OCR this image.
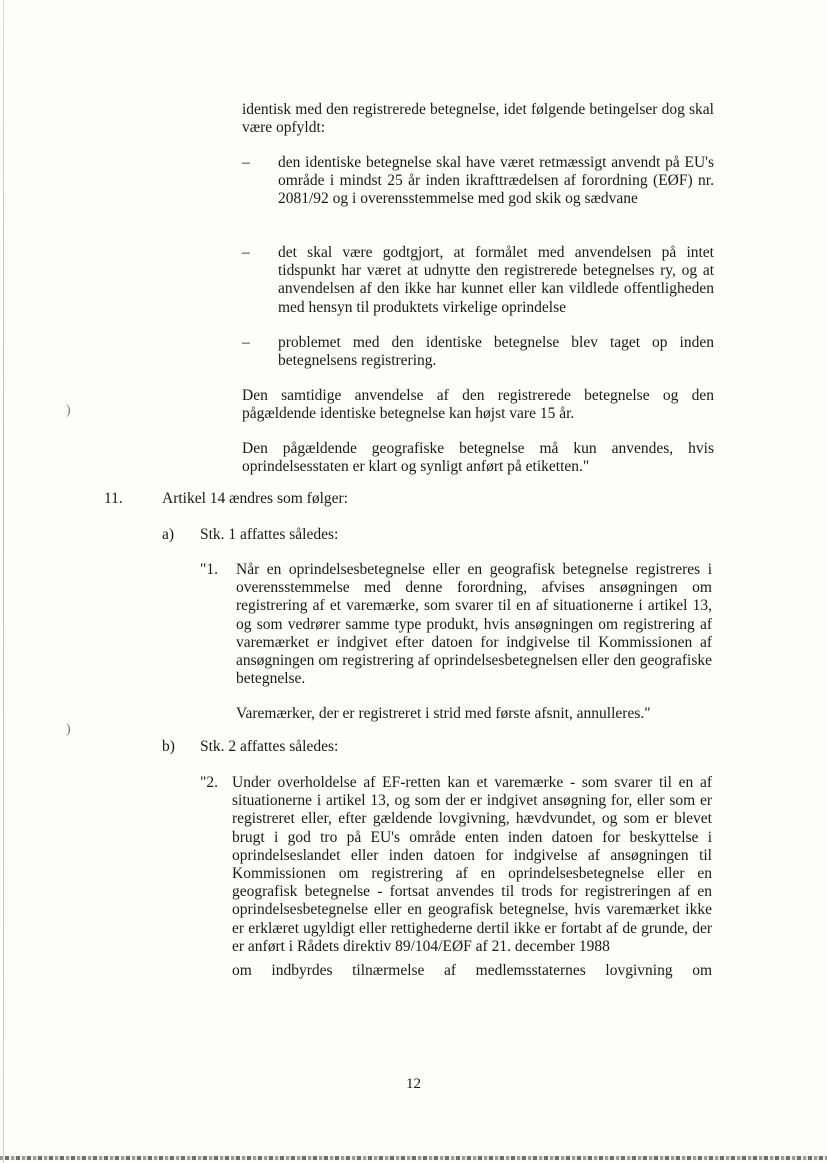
)
)
identisk med den registrerede betegnelse, idet følgende betingelser dog skal være opfyldt:
– den identiske betegnelse skal have været retmæssigt anvendt på EU's område i mindst 25 år inden ikrafttrædelsen af forordning (EØF) nr. 2081/92 og i overensstemmelse med god skik og sædvane
– det skal være godtgjort, at formålet med anvendelsen på intet tidspunkt har været at udnytte den registrerede betegnelses ry, og at anvendelsen af den ikke har kunnet eller kan vildlede offentligheden med hensyn til produktets virkelige oprindelse
– problemet med den identiske betegnelse blev taget op inden betegnelsens registrering.
Den samtidige anvendelse af den registrerede betegnelse og den pågældende identiske betegnelse kan højst vare 15 år.
Den pågældende geografiske betegnelse må kun anvendes, hvis oprindelsesstaten er klart og synligt anført på etiketten."
11.	Artikel 14 ændres som følger:
a) Stk. 1 affattes således:
"1. Når en oprindelsesbetegnelse eller en geografisk betegnelse registreres i overensstemmelse med denne forordning, afvises ansøgningen om registrering af et varemærke, som svarer til en af situationerne i artikel 13, og som vedrører samme type produkt, hvis ansøgningen om registrering af varemærket er indgivet efter datoen for indgivelse til Kommissionen af ansøgningen om registrering af oprindelsesbetegnelsen eller den geografiske betegnelse.
Varemærker, der er registreret i strid med første afsnit, annulleres."
b) Stk. 2 affattes således:
"2. Under overholdelse af EF-retten kan et varemærke - som svarer til en af situationerne i artikel 13, og som der er indgivet ansøgning for, eller som er registreret eller, efter gældende lovgivning, hævdvundet, og som er blevet brugt i god tro på EU's område enten inden datoen for beskyttelse i oprindelseslandet eller inden datoen for indgivelse af ansøgningen til Kommissionen om registrering af en oprindelsesbetegnelse eller en geografisk betegnelse - fortsat anvendes til trods for registreringen af en oprindelsesbetegnelse eller en geografisk betegnelse, hvis varemærket ikke er erklæret ugyldigt eller rettighederne dertil ikke er fortabt af de grunde, der er anført i Rådets direktiv 89/104/EØF af 21. december 1988
om indbyrdes tilnærmelse af medlemsstaternes lovgivning om
12
